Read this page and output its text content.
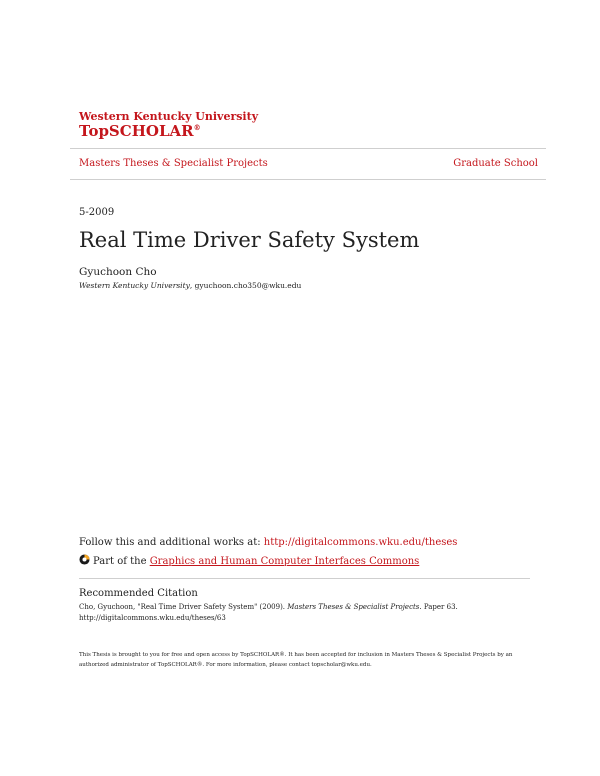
Western Kentucky University
TopSCHOLAR®
Masters Theses & Specialist Projects	Graduate School
5-2009
Real Time Driver Safety System
Gyuchoon Cho
Western Kentucky University, gyuchoon.cho350@wku.edu
Follow this and additional works at: http://digitalcommons.wku.edu/theses
Part of the Graphics and Human Computer Interfaces Commons
Recommended Citation
Cho, Gyuchoon, "Real Time Driver Safety System" (2009). Masters Theses & Specialist Projects. Paper 63.
http://digitalcommons.wku.edu/theses/63
This Thesis is brought to you for free and open access by TopSCHOLAR®. It has been accepted for inclusion in Masters Theses & Specialist Projects by an authorized administrator of TopSCHOLAR®. For more information, please contact topscholar@wku.edu.
